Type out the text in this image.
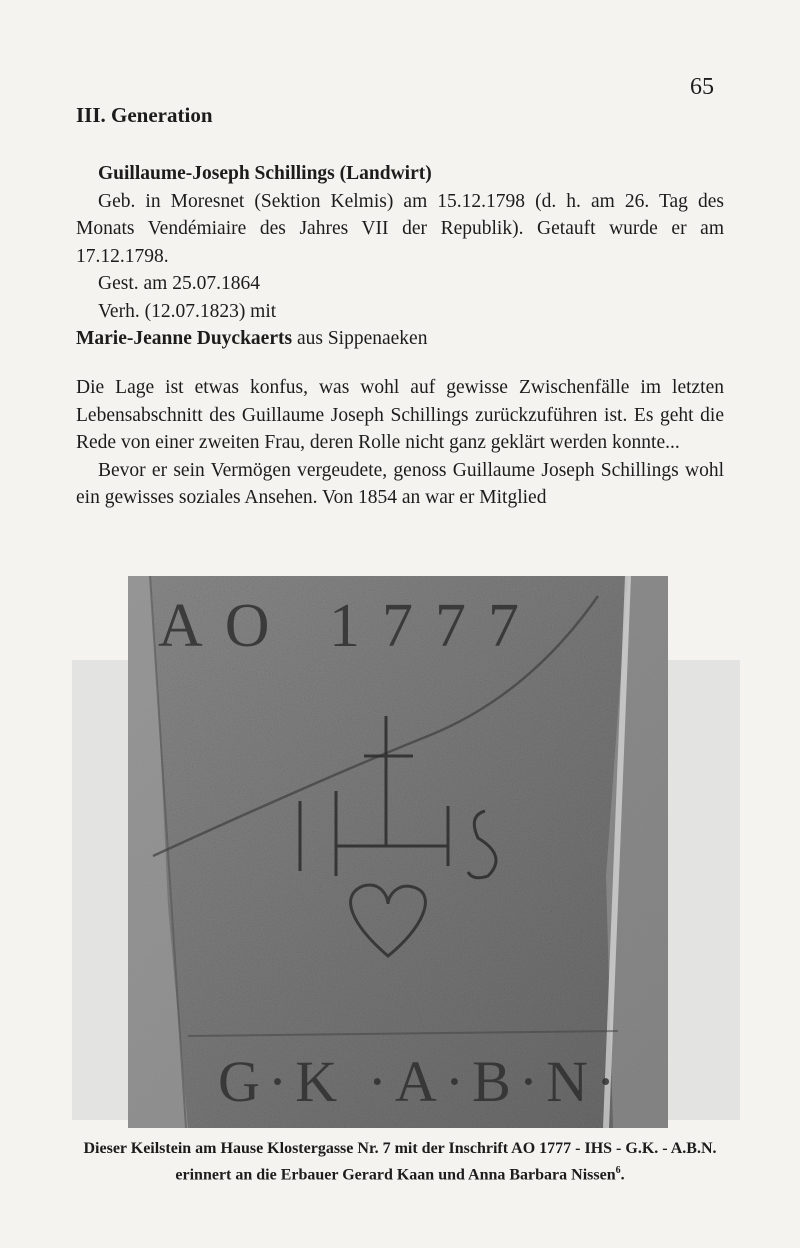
65
III. Generation
Guillaume-Joseph Schillings (Landwirt)
Geb. in Moresnet (Sektion Kelmis) am 15.12.1798 (d. h. am 26. Tag des Monats Vendémiaire des Jahres VII der Republik). Getauft wurde er am 17.12.1798.
Gest. am 25.07.1864
Verh. (12.07.1823) mit
Marie-Jeanne Duyckaerts aus Sippenaeken
Die Lage ist etwas konfus, was wohl auf gewisse Zwischenfälle im letzten Lebensabschnitt des Guillaume Joseph Schillings zurückzuführen ist. Es geht die Rede von einer zweiten Frau, deren Rolle nicht ganz geklärt werden konnte...
Bevor er sein Vermögen vergeudete, genoss Guillaume Joseph Schillings wohl ein gewisses soziales Ansehen. Von 1854 an war er Mitglied
AO 1777
G·K ·A·B·N·
Dieser Keilstein am Hause Klostergasse Nr. 7 mit der Inschrift AO 1777 - IHS - G.K. - A.B.N. erinnert an die Erbauer Gerard Kaan und Anna Barbara Nissen$^6$.
